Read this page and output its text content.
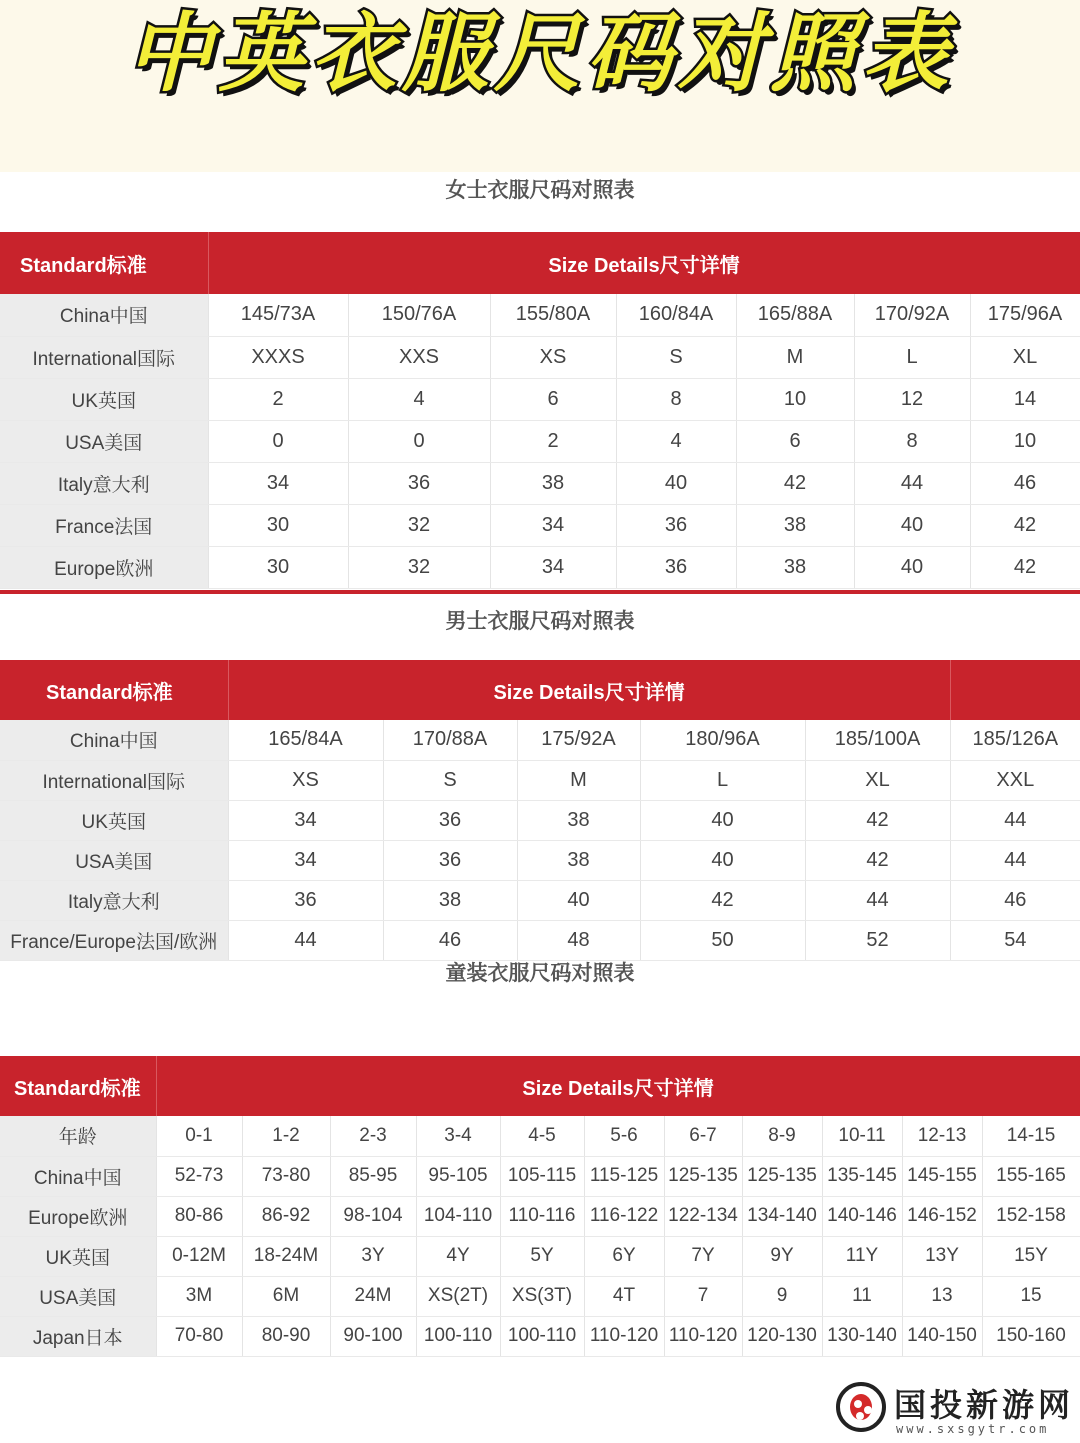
中英衣服尺码对照表
女士衣服尺码对照表
Standard标准	Size Details尺寸详情						
China中国	145/73A	150/76A	155/80A	160/84A	165/88A	170/92A	175/96A
International国际	XXXS	XXS	XS	S	M	L	XL
UK英国	2	4	6	8	10	12	14
USA美国	0	0	2	4	6	8	10
Italy意大利	34	36	38	40	42	44	46
France法国	30	32	34	36	38	40	42
Europe欧洲	30	32	34	36	38	40	42
男士衣服尺码对照表
Standard标准	Size Details尺寸详情					
China中国	165/84A	170/88A	175/92A	180/96A	185/100A	185/126A
International国际	XS	S	M	L	XL	XXL
UK英国	34	36	38	40	42	44
USA美国	34	36	38	40	42	44
Italy意大利	36	38	40	42	44	46
France/Europe法国/欧洲	44	46	48	50	52	54
童装衣服尺码对照表
Standard标准	Size Details尺寸详情										
年龄	0-1	1-2	2-3	3-4	4-5	5-6	6-7	8-9	10-11	12-13	14-15
China中国	52-73	73-80	85-95	95-105	105-115	115-125	125-135	125-135	135-145	145-155	155-165
Europe欧洲	80-86	86-92	98-104	104-110	110-116	116-122	122-134	134-140	140-146	146-152	152-158
UK英国	0-12M	18-24M	3Y	4Y	5Y	6Y	7Y	9Y	11Y	13Y	15Y
USA美国	3M	6M	24M	XS(2T)	XS(3T)	4T	7	9	11	13	15
Japan日本	70-80	80-90	90-100	100-110	100-110	110-120	110-120	120-130	130-140	140-150	150-160
国投新游网
www.sxsgytr.com
